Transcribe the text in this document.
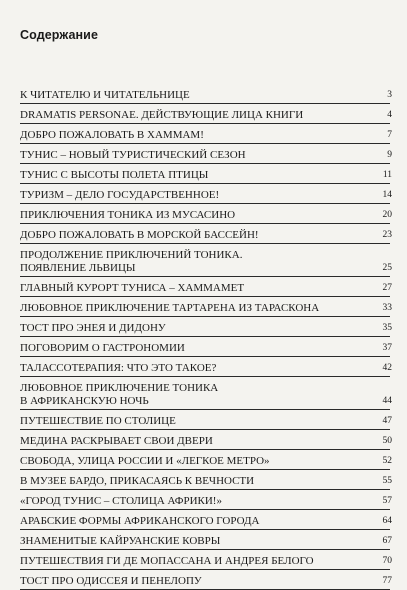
Содержание
К ЧИТАТЕЛЮ И ЧИТАТЕЛЬНИЦЕ	3
DRAMATIS PERSONAE. ДЕЙСТВУЮЩИЕ ЛИЦА КНИГИ	4
ДОБРО ПОЖАЛОВАТЬ В ХАММАМ!	7
ТУНИС – НОВЫЙ ТУРИСТИЧЕСКИЙ СЕЗОН	9
ТУНИС С ВЫСОТЫ ПОЛЕТА ПТИЦЫ	11
ТУРИЗМ – ДЕЛО ГОСУДАРСТВЕННОЕ!	14
ПРИКЛЮЧЕНИЯ ТОНИКА ИЗ МУСАСИНО	20
ДОБРО ПОЖАЛОВАТЬ В МОРСКОЙ БАССЕЙН!	23
ПРОДОЛЖЕНИЕ ПРИКЛЮЧЕНИЙ ТОНИКА.
ПОЯВЛЕНИЕ ЛЬВИЦЫ	25
ГЛАВНЫЙ КУРОРТ ТУНИСА – ХАММАМЕТ	27
ЛЮБОВНОЕ ПРИКЛЮЧЕНИЕ ТАРТАРЕНА ИЗ ТАРАСКОНА	33
ТОСТ ПРО ЭНЕЯ И ДИДОНУ	35
ПОГОВОРИМ О ГАСТРОНОМИИ	37
ТАЛАССОТЕРАПИЯ: ЧТО ЭТО ТАКОЕ?	42
ЛЮБОВНОЕ ПРИКЛЮЧЕНИЕ ТОНИКА
В АФРИКАНСКУЮ НОЧЬ	44
ПУТЕШЕСТВИЕ ПО СТОЛИЦЕ	47
МЕДИНА РАСКРЫВАЕТ СВОИ ДВЕРИ	50
СВОБОДА, УЛИЦА РОССИИ И «ЛЕГКОЕ МЕТРО»	52
В МУЗЕЕ БАРДО, ПРИКАСАЯСЬ К ВЕЧНОСТИ	55
«ГОРОД ТУНИС – СТОЛИЦА АФРИКИ!»	57
АРАБСКИЕ ФОРМЫ АФРИКАНСКОГО ГОРОДА	64
ЗНАМЕНИТЫЕ КАЙРУАНСКИЕ КОВРЫ	67
ПУТЕШЕСТВИЯ ГИ ДЕ МОПАССАНА И АНДРЕЯ БЕЛОГО	70
ТОСТ ПРО ОДИССЕЯ И ПЕНЕЛОПУ	77
